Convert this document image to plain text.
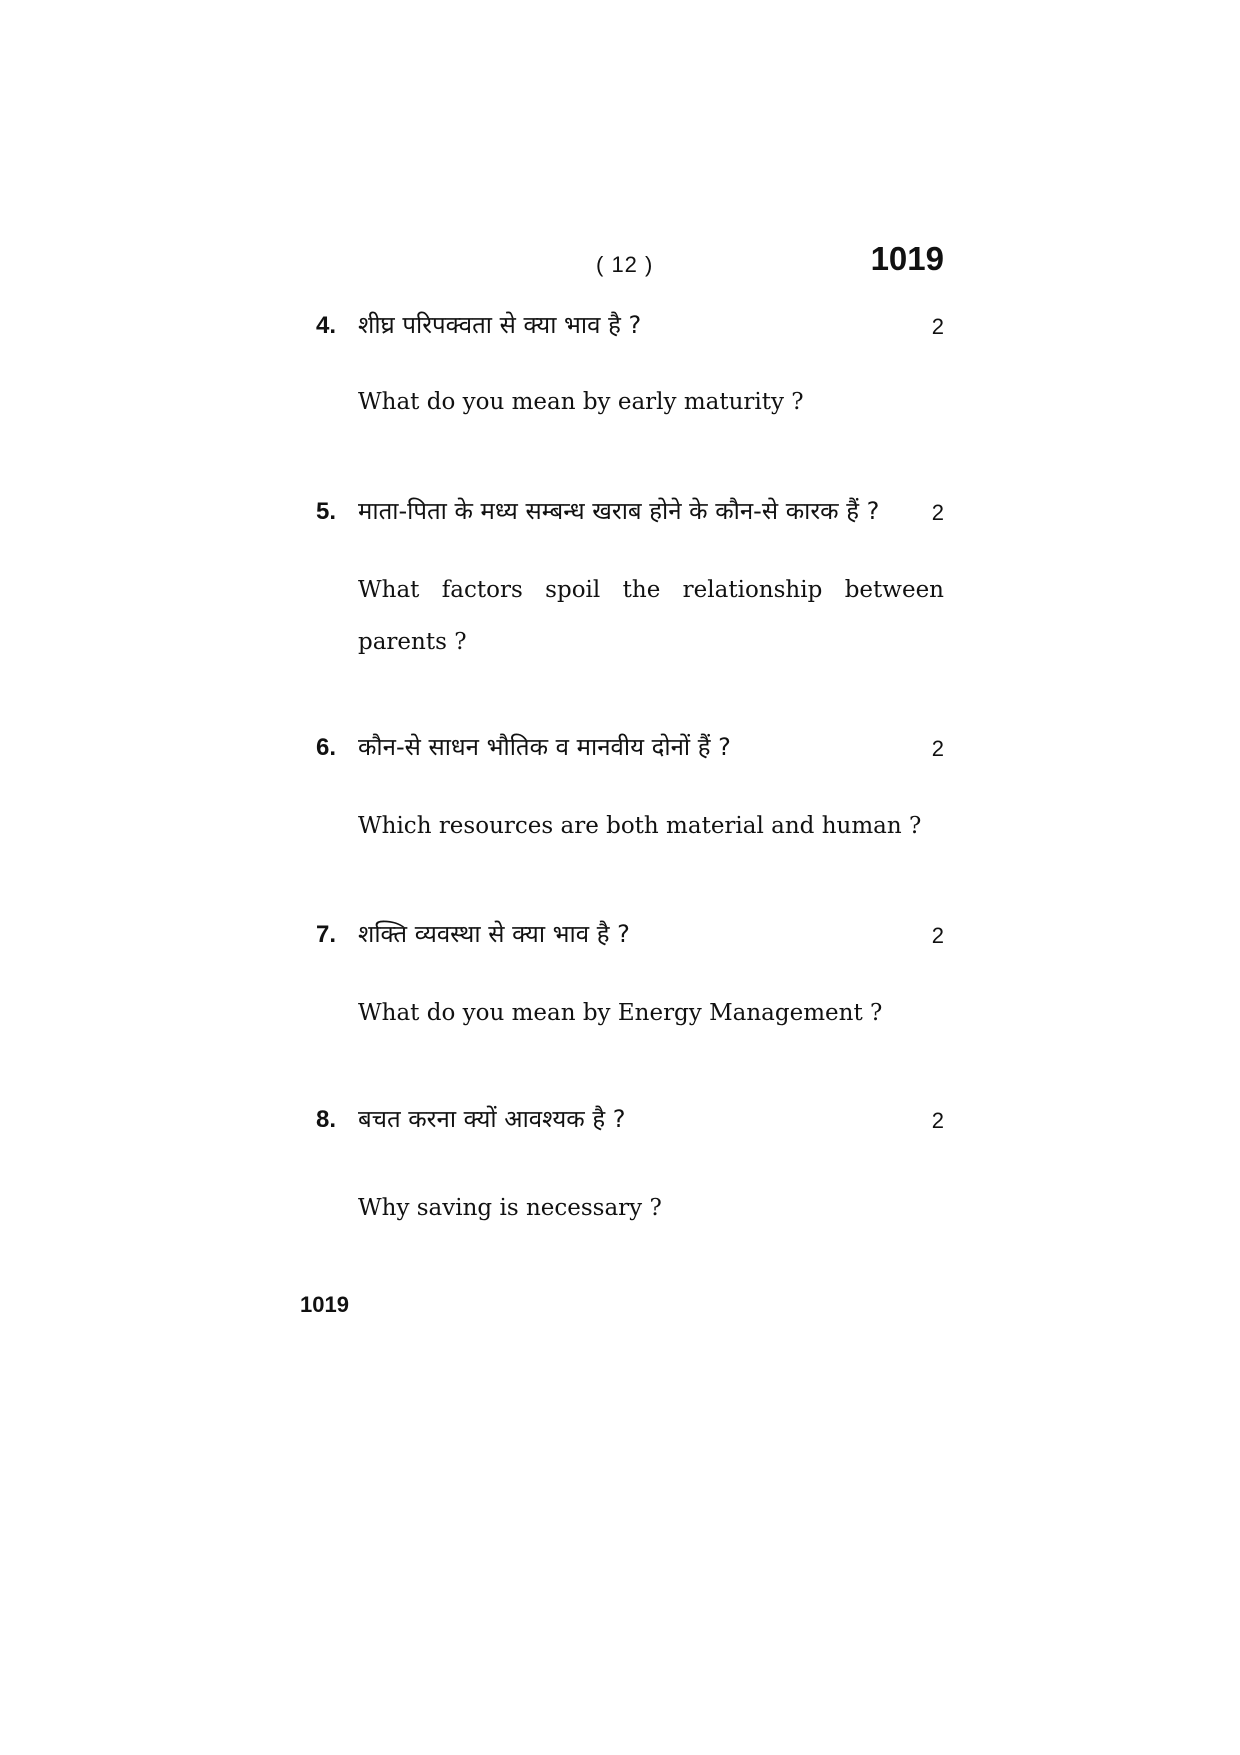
( 12 )	1019
4. शीघ्र परिपक्वता से क्या भाव है ?	2
What do you mean by early maturity ?
5. माता-पिता के मध्य सम्बन्ध खराब होने के कौन-से कारक हैं ? 2
What factors spoil the relationship between parents ?
6. कौन-से साधन भौतिक व मानवीय दोनों हैं ?	2
Which resources are both material and human ?
7. शक्ति व्यवस्था से क्या भाव है ?	2
What do you mean by Energy Management ?
8. बचत करना क्यों आवश्यक है ?	2
Why saving is necessary ?
1019
